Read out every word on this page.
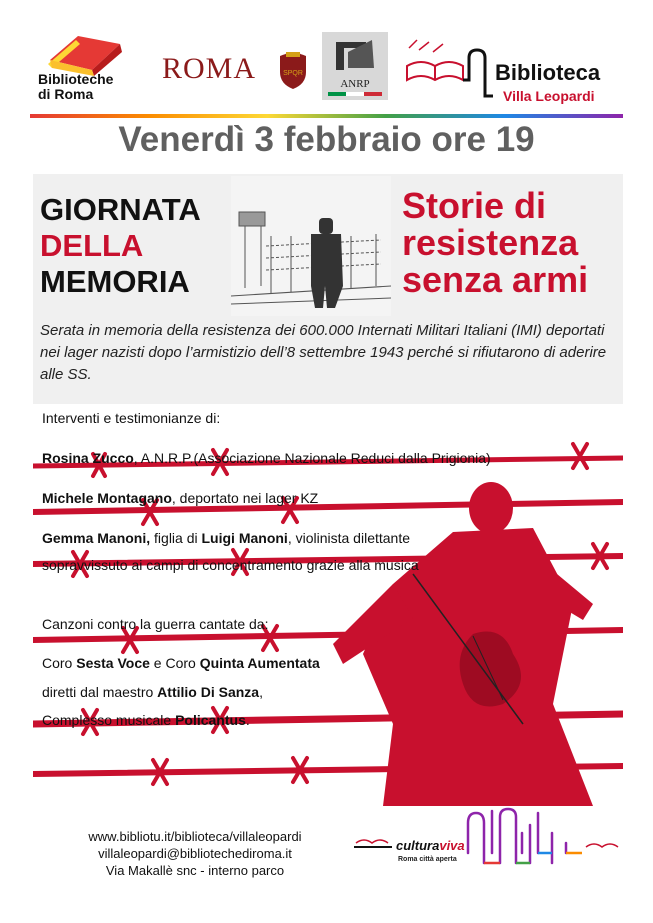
Biblioteche
di Roma
ROMA	SPQR
ANRP	Biblioteca
Villa Leopardi
Venerdì 3 febbraio ore 19
GIORNATA
DELLA
MEMORIA
Storie di
resistenza
senza armi
Serata in memoria della resistenza dei 600.000 Internati Militari Italiani (IMI) deportati nei lager nazisti dopo l’armistizio dell’8 settembre 1943 perché si rifiutarono di aderire alle SS.
Interventi e testimonianze di:
Rosina Zucco, A.N.R.P.(Associazione Nazionale Reduci dalla Prigionia)
Michele Montagano, deportato nei lager KZ
Gemma Manoni, figlia di Luigi Manoni, violinista dilettante
sopravvissuto ai campi di concentramento grazie alla musica
Canzoni contro la guerra cantate da:
Coro Sesta Voce e Coro Quinta Aumentata
diretti dal maestro Attilio Di Sanza,
Complesso musicale Policantus.
www.bibliotu.it/biblioteca/villaleopardi
villaleopardi@bibliotechediroma.it
Via Makallè snc - interno parco
culturaviva
Roma città aperta
